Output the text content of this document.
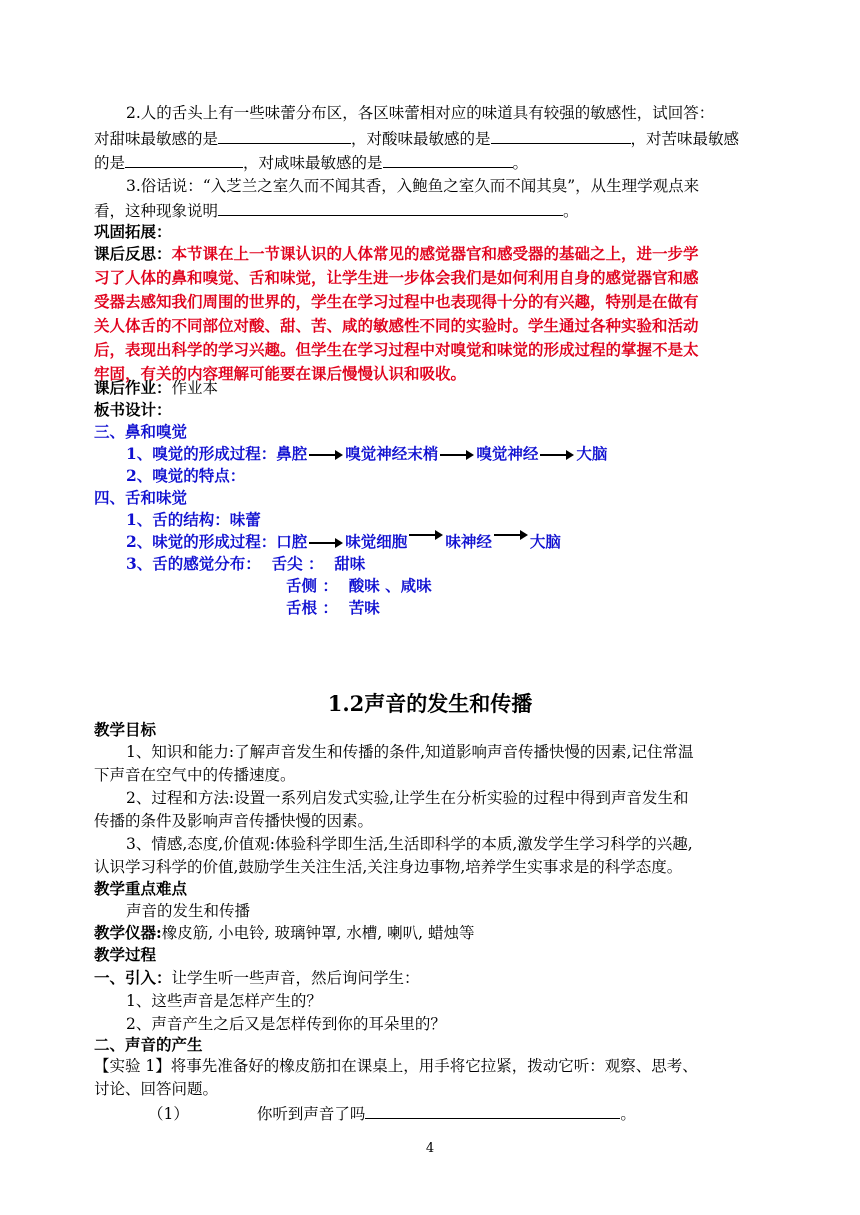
2.人的舌头上有一些味蕾分布区，各区味蕾相对应的味道具有较强的敏感性，试回答：
对甜味最敏感的是	，对酸味最敏感的是	，对苦味最敏感
的是	，对咸味最敏感的是	。
3.俗话说：“入芝兰之室久而不闻其香，入鲍鱼之室久而不闻其臭”，从生理学观点来
看，这种现象说明	。
巩固拓展：
课后反思：本节课在上一节课认识的人体常见的感觉器官和感受器的基础之上，进一步学
习了人体的鼻和嗅觉、舌和味觉，让学生进一步体会我们是如何利用自身的感觉器官和感
受器去感知我们周围的世界的，学生在学习过程中也表现得十分的有兴趣，特别是在做有
关人体舌的不同部位对酸、甜、苦、咸的敏感性不同的实验时。学生通过各种实验和活动
后，表现出科学的学习兴趣。但学生在学习过程中对嗅觉和味觉的形成过程的掌握不是太
牢固，有关的内容理解可能要在课后慢慢认识和吸收。
课后作业：作业本
板书设计：
三、鼻和嗅觉
1、嗅觉的形成过程：鼻腔 嗅觉神经末梢 嗅觉神经 大脑
2、嗅觉的特点：
四、舌和味觉
1、舌的结构：味蕾
2、味觉的形成过程：口腔 味觉细胞 味神经 大脑
3、舌的感觉分布：  舌尖 ：  甜味
舌侧 ：  酸味 、咸味
舌根 ：  苦味
1.2声音的发生和传播
教学目标
1、知识和能力:了解声音发生和传播的条件,知道影响声音传播快慢的因素,记住常温
下声音在空气中的传播速度。
2、过程和方法:设置一系列启发式实验,让学生在分析实验的过程中得到声音发生和
传播的条件及影响声音传播快慢的因素。
3、情感,态度,价值观:体验科学即生活,生活即科学的本质,激发学生学习科学的兴趣,
认识学习科学的价值,鼓励学生关注生活,关注身边事物,培养学生实事求是的科学态度。
教学重点难点
声音的发生和传播
教学仪器:橡皮筋, 小电铃, 玻璃钟罩, 水槽, 喇叭, 蜡烛等
教学过程
一、引入：让学生听一些声音，然后询问学生：
1、这些声音是怎样产生的？
2、声音产生之后又是怎样传到你的耳朵里的？
二、声音的产生
【实验 1】将事先准备好的橡皮筋扣在课桌上，用手将它拉紧，拨动它听：观察、思考、
讨论、回答问题。
（1）	你听到声音了吗	。
4
